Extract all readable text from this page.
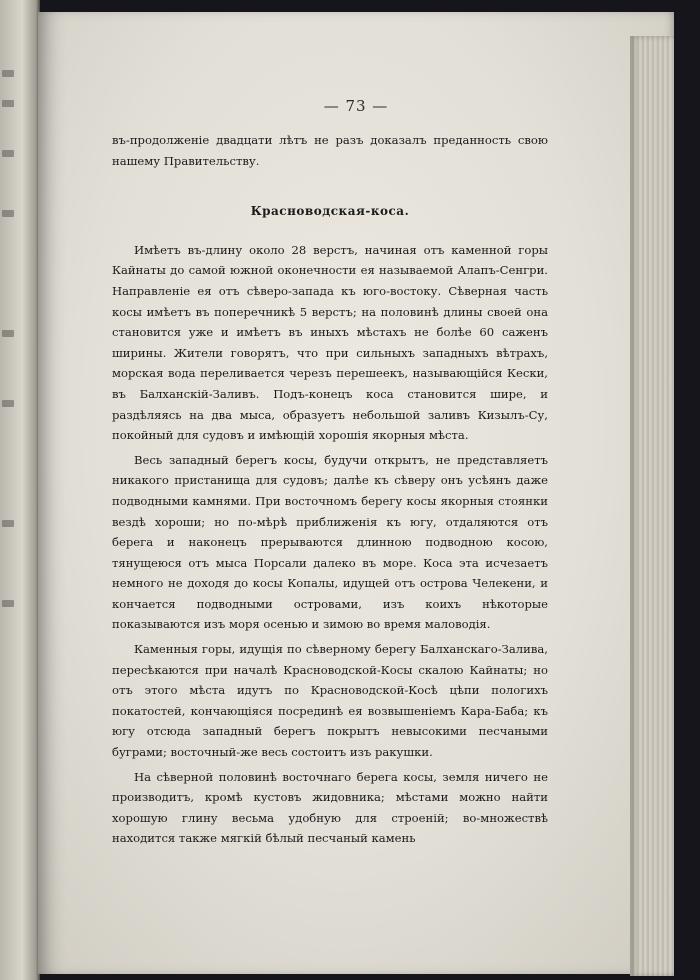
— 73 —

въ-продолженіе двадцати лѣтъ не разъ доказалъ преданность свою нашему Правительству.

Красноводская-коса.

Имѣетъ въ-длину около 28 верстъ, начиная отъ каменной горы Кайнаты до самой южной оконечности ея называемой Алапъ-Сенгри. Направленіе ея отъ сѣверо-запада къ юго-востоку. Сѣверная часть косы имѣетъ въ поперечникѣ 5 верстъ; на половинѣ длины своей она становится уже и имѣетъ въ иныхъ мѣстахъ не болѣе 60 саженъ ширины. Жители говорятъ, что при сильныхъ западныхъ вѣтрахъ, морская вода переливается черезъ перешеекъ, называющійся Кески, въ Балханскій-Заливъ. Подъ-конецъ коса становится шире, и раздѣляясь на два мыса, образуетъ небольшой заливъ Кизылъ-Су, покойный для судовъ и имѣющій хорошія якорныя мѣста.

Весь западный берегъ косы, будучи открытъ, не представляетъ никакого пристанища для судовъ; далѣе къ сѣверу онъ усѣянъ даже подводными камнями. При восточномъ берегу косы якорныя стоянки вездѣ хороши; но по-мѣрѣ приближенія къ югу, отдаляются отъ берега и наконецъ прерываются длинною подводною косою, тянущеюся отъ мыса Порсали далеко въ море. Коса эта исчезаетъ немного не доходя до косы Копалы, идущей отъ острова Челекени, и кончается подводными островами, изъ коихъ нѣкоторые показываются изъ моря осенью и зимою во время маловодія.

Каменныя горы, идущія по сѣверному берегу Балханскаго-Залива, пересѣкаются при началѣ Красноводской-Косы скалою Кайнаты; но отъ этого мѣста идутъ по Красноводской-Косѣ цѣпи пологихъ покатостей, кончающіяся посрединѣ ея возвышеніемъ Кара-Баба; къ югу отсюда западный берегъ покрытъ невысокими песчаными буграми; восточный-же весь состоитъ изъ ракушки.

На сѣверной половинѣ восточнаго берега косы, земля ничего не производитъ, кромѣ кустовъ жидовника; мѣстами можно найти хорошую глину весьма удобную для строеній; во-множествѣ находится также мягкій бѣлый песчаный камень
